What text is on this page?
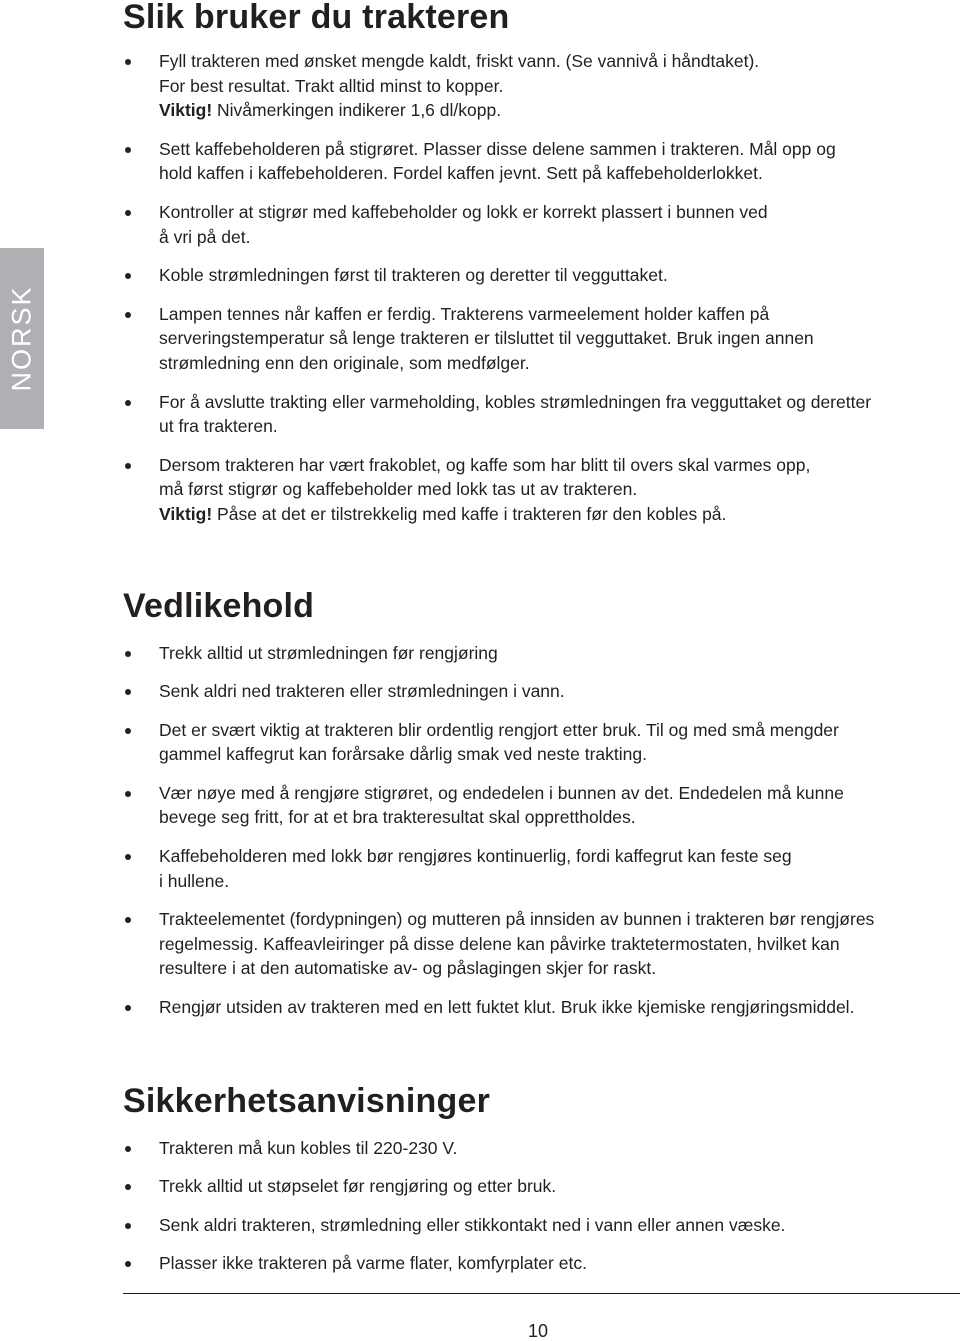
NORSK
Slik bruker du trakteren
Fyll trakteren med ønsket mengde kaldt, friskt vann. (Se vannivå i håndtaket).
For best resultat. Trakt alltid minst to kopper.
Viktig! Nivåmerkingen indikerer 1,6 dl/kopp.
Sett kaffebeholderen på stigrøret. Plasser disse delene sammen i trakteren. Mål opp og
hold kaffen i kaffebeholderen. Fordel kaffen jevnt. Sett på kaffebeholderlokket.
Kontroller at stigrør med kaffebeholder og lokk er korrekt plassert i bunnen ved
å vri på det.
Koble strømledningen først til trakteren og deretter til vegguttaket.
Lampen tennes når kaffen er ferdig. Trakterens varmeelement holder kaffen på
serveringstemperatur så lenge trakteren er tilsluttet til vegguttaket. Bruk ingen annen
strømledning enn den originale, som medfølger.
For å avslutte trakting eller varmeholding, kobles strømledningen fra vegguttaket og deretter
ut fra trakteren.
Dersom trakteren har vært frakoblet, og kaffe som har blitt til overs skal varmes opp,
må først stigrør og kaffebeholder med lokk tas ut av trakteren.
Viktig! Påse at det er tilstrekkelig med kaffe i trakteren før den kobles på.
Vedlikehold
Trekk alltid ut strømledningen før rengjøring
Senk aldri ned trakteren eller strømledningen i vann.
Det er svært viktig at trakteren blir ordentlig rengjort etter bruk. Til og med små mengder
gammel kaffegrut kan forårsake dårlig smak ved neste trakting.
Vær nøye med å rengjøre stigrøret, og endedelen i bunnen av det. Endedelen må kunne
bevege seg fritt, for at et bra trakteresultat skal opprettholdes.
Kaffebeholderen med lokk bør rengjøres kontinuerlig, fordi kaffegrut kan feste seg
i hullene.
Trakteelementet (fordypningen) og mutteren på innsiden av bunnen i trakteren bør rengjøres
regelmessig. Kaffeavleiringer på disse delene kan påvirke traktetermostaten, hvilket kan
resultere i at den automatiske av- og påslagingen skjer for raskt.
Rengjør utsiden av trakteren med en lett fuktet klut. Bruk ikke kjemiske rengjøringsmiddel.
Sikkerhetsanvisninger
Trakteren må kun kobles til 220-230 V.
Trekk alltid ut støpselet før rengjøring og etter bruk.
Senk aldri trakteren, strømledning eller stikkontakt ned i vann eller annen væske.
Plasser ikke trakteren på varme flater, komfyrplater etc.
10
